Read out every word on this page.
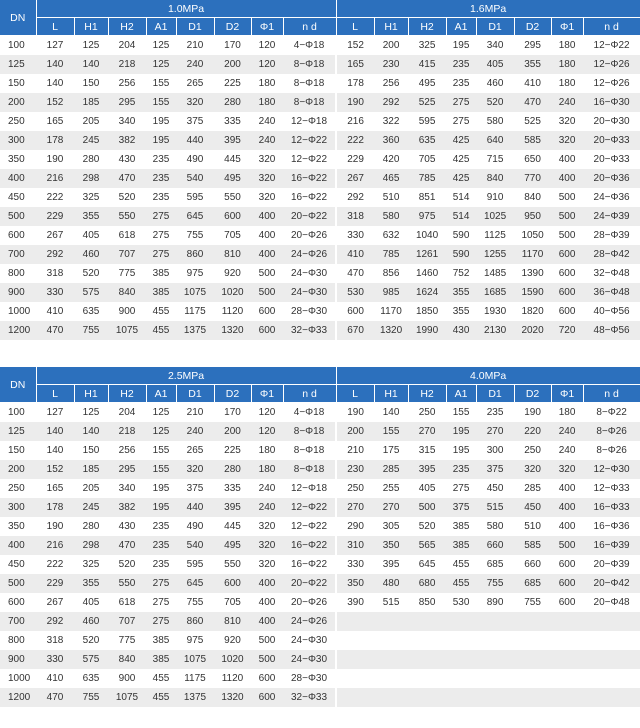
DN	1.0MPa								1.6MPa							
	L	H1	H2	A1	D1	D2	Φ1	n d	L	H1	H2	A1	D1	D2	Φ1	n d
100	127	125	204	125	210	170	120	4−Φ18	152	200	325	195	340	295	180	12−Φ22
125	140	140	218	125	240	200	120	8−Φ18	165	230	415	235	405	355	180	12−Φ26
150	140	150	256	155	265	225	180	8−Φ18	178	256	495	235	460	410	180	12−Φ26
200	152	185	295	155	320	280	180	8−Φ18	190	292	525	275	520	470	240	16−Φ30
250	165	205	340	195	375	335	240	12−Φ18	216	322	595	275	580	525	320	20−Φ30
300	178	245	382	195	440	395	240	12−Φ22	222	360	635	425	640	585	320	20−Φ33
350	190	280	430	235	490	445	320	12−Φ22	229	420	705	425	715	650	400	20−Φ33
400	216	298	470	235	540	495	320	16−Φ22	267	465	785	425	840	770	400	20−Φ36
450	222	325	520	235	595	550	320	16−Φ22	292	510	851	514	910	840	500	24−Φ36
500	229	355	550	275	645	600	400	20−Φ22	318	580	975	514	1025	950	500	24−Φ39
600	267	405	618	275	755	705	400	20−Φ26	330	632	1040	590	1125	1050	500	28−Φ39
700	292	460	707	275	860	810	400	24−Φ26	410	785	1261	590	1255	1170	600	28−Φ42
800	318	520	775	385	975	920	500	24−Φ30	470	856	1460	752	1485	1390	600	32−Φ48
900	330	575	840	385	1075	1020	500	24−Φ30	530	985	1624	355	1685	1590	600	36−Φ48
1000	410	635	900	455	1175	1120	600	28−Φ30	600	1170	1850	355	1930	1820	600	40−Φ56
1200	470	755	1075	455	1375	1320	600	32−Φ33	670	1320	1990	430	2130	2020	720	48−Φ56
DN	2.5MPa								4.0MPa							
	L	H1	H2	A1	D1	D2	Φ1	n d	L	H1	H2	A1	D1	D2	Φ1	n d
100	127	125	204	125	210	170	120	4−Φ18	190	140	250	155	235	190	180	8−Φ22
125	140	140	218	125	240	200	120	8−Φ18	200	155	270	195	270	220	240	8−Φ26
150	140	150	256	155	265	225	180	8−Φ18	210	175	315	195	300	250	240	8−Φ26
200	152	185	295	155	320	280	180	8−Φ18	230	285	395	235	375	320	320	12−Φ30
250	165	205	340	195	375	335	240	12−Φ18	250	255	405	275	450	285	400	12−Φ33
300	178	245	382	195	440	395	240	12−Φ22	270	270	500	375	515	450	400	16−Φ33
350	190	280	430	235	490	445	320	12−Φ22	290	305	520	385	580	510	400	16−Φ36
400	216	298	470	235	540	495	320	16−Φ22	310	350	565	385	660	585	500	16−Φ39
450	222	325	520	235	595	550	320	16−Φ22	330	395	645	455	685	660	600	20−Φ39
500	229	355	550	275	645	600	400	20−Φ22	350	480	680	455	755	685	600	20−Φ42
600	267	405	618	275	755	705	400	20−Φ26	390	515	850	530	890	755	600	20−Φ48
700	292	460	707	275	860	810	400	24−Φ26								
800	318	520	775	385	975	920	500	24−Φ30								
900	330	575	840	385	1075	1020	500	24−Φ30								
1000	410	635	900	455	1175	1120	600	28−Φ30								
1200	470	755	1075	455	1375	1320	600	32−Φ33								
